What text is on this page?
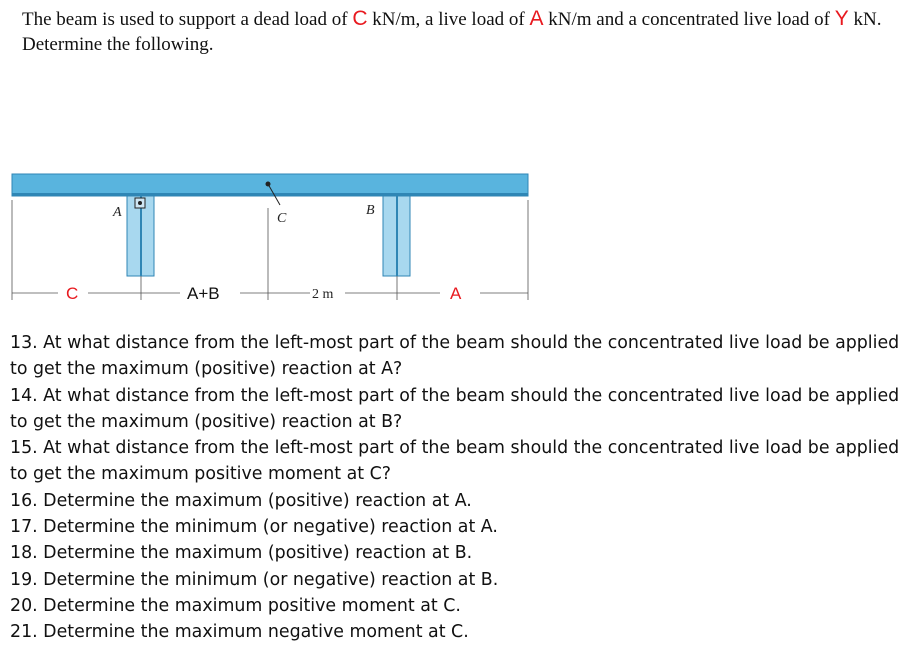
The beam is used to support a dead load of C kN/m, a live load of A kN/m and a concentrated live load of Y kN. Determine the following.
A	B
C
C	A+B	2 m	A
13. At what distance from the left-most part of the beam should the concentrated live load be applied to get the maximum (positive) reaction at A?
14. At what distance from the left-most part of the beam should the concentrated live load be applied to get the maximum (positive) reaction at B?
15. At what distance from the left-most part of the beam should the concentrated live load be applied to get the maximum positive moment at C?
16. Determine the maximum (positive) reaction at A.
17. Determine the minimum (or negative) reaction at A.
18. Determine the maximum (positive) reaction at B.
19. Determine the minimum (or negative) reaction at B.
20. Determine the maximum positive moment at C.
21. Determine the maximum negative moment at C.
